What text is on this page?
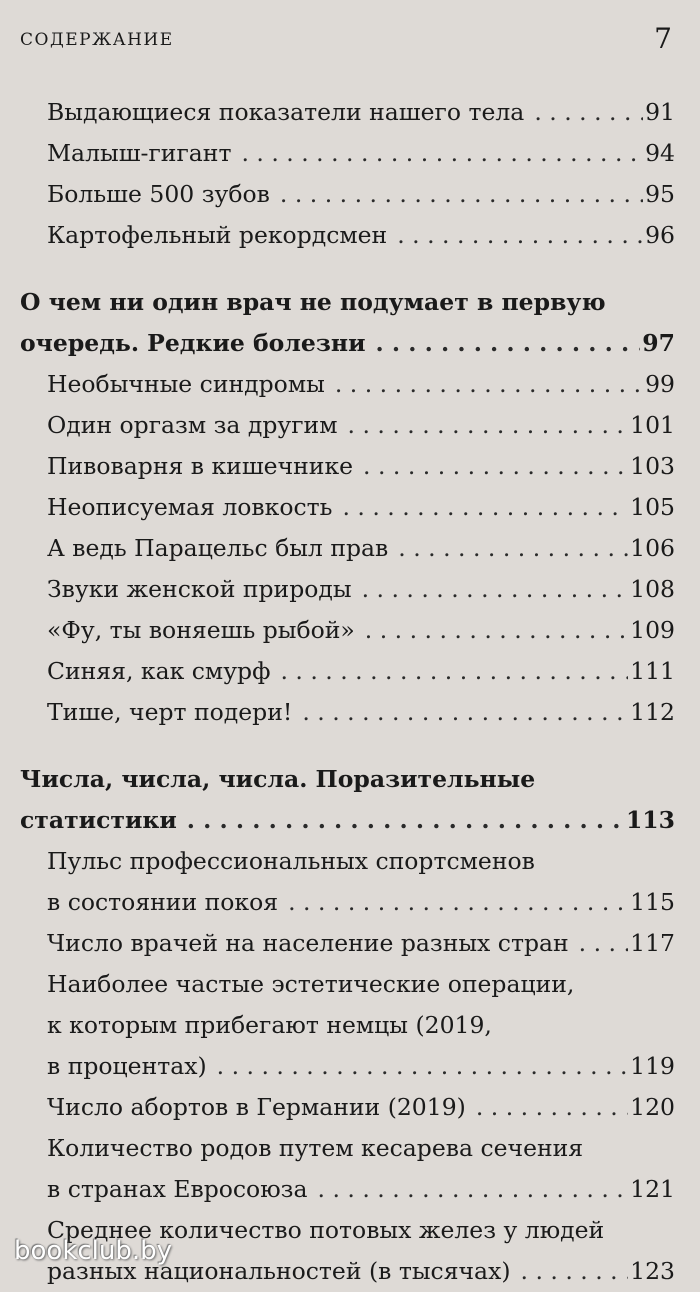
СОДЕРЖАНИЕ	7
Выдающиеся показатели нашего тела . . .	91
Малыш-гигант . . .	94
Больше 500 зубов . . .	95
Картофельный рекордсмен . . .	96
О чем ни один врач не подумает в первую
очередь. Редкие болезни . . .	97
Необычные синдромы . . .	99
Один оргазм за другим . . .	101
Пивоварня в кишечнике . . .	103
Неописуемая ловкость . . .	105
А ведь Парацельс был прав . . .	106
Звуки женской природы . . .	108
«Фу, ты воняешь рыбой» . . .	109
Синяя, как смурф . . .	111
Тише, черт подери! . . .	112
Числа, числа, числа. Поразительные
статистики . . .	113
Пульс профессиональных спортсменов
в состоянии покоя . . .	115
Число врачей на население разных стран . . .	117
Наиболее частые эстетические операции,
к которым прибегают немцы (2019,
в процентах) . . .	119
Число абортов в Германии (2019) . . .	120
Количество родов путем кесарева сечения
в странах Евросоюза . . .	121
Среднее количество потовых желез у людей
разных национальностей (в тысячах) . . .	123
bookclub.by
